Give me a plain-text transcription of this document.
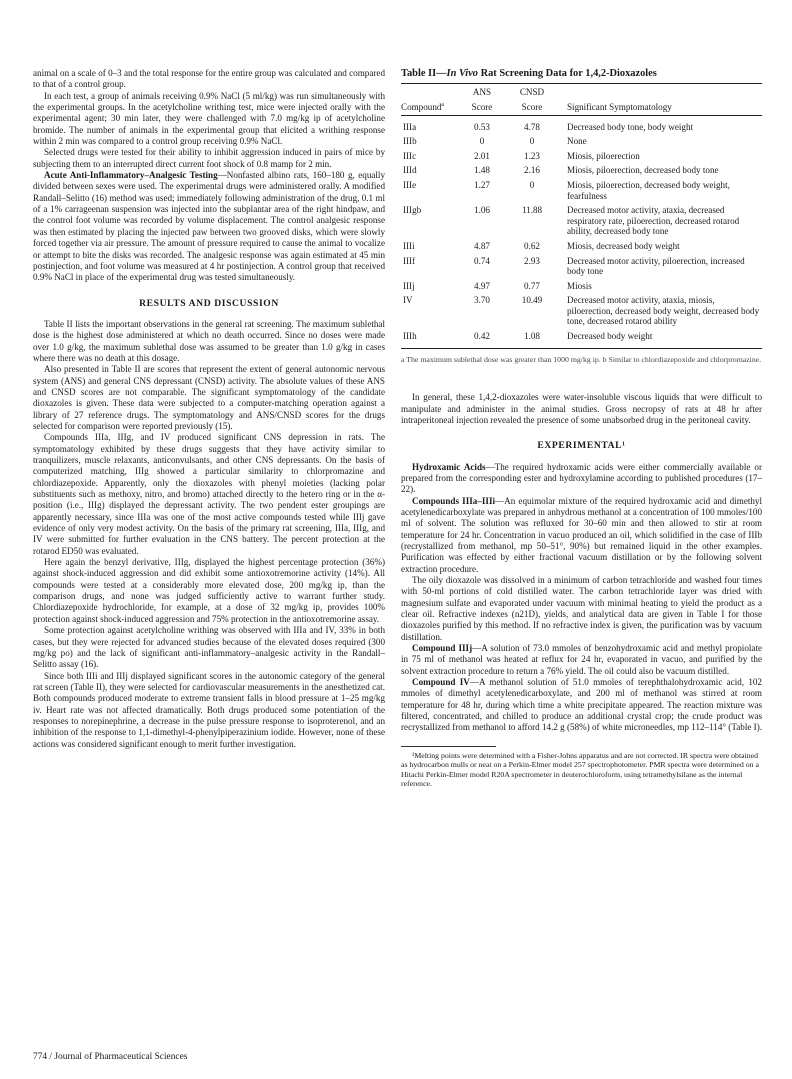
animal on a scale of 0–3 and the total response for the entire group was calculated and compared to that of a control group.

In each test, a group of animals receiving 0.9% NaCl (5 ml/kg) was run simultaneously with the experimental groups. In the acetylcholine writhing test, mice were injected orally with the experimental agent; 30 min later, they were challenged with 7.0 mg/kg ip of acetylcholine bromide. The number of animals in the experimental group that elicited a writhing response within 2 min was compared to a control group receiving 0.9% NaCl.

Selected drugs were tested for their ability to inhibit aggression induced in pairs of mice by subjecting them to an interrupted direct current foot shock of 0.8 mamp for 2 min.

Acute Anti-Inflammatory–Analgesic Testing—Nonfasted albino rats, 160–180 g, equally divided between sexes were used. The experimental drugs were administered orally. A modified Randall–Selitto (16) method was used; immediately following administration of the drug, 0.1 ml of a 1% carrageenan suspension was injected into the subplantar area of the right hindpaw, and the control foot volume was recorded by volume displacement. The control analgesic response was then estimated by placing the injected paw between two grooved disks, which were slowly forced together via air pressure. The amount of pressure required to cause the animal to vocalize or attempt to bite the disks was recorded. The analgesic response was again estimated at 45 min postinjection, and foot volume was measured at 4 hr postinjection. A control group that received 0.9% NaCl in place of the experimental drug was tested simultaneously.

RESULTS AND DISCUSSION

Table II lists the important observations in the general rat screening. The maximum sublethal dose is the highest dose administered at which no death occurred. Since no doses were made over 1.0 g/kg, the maximum sublethal dose was assumed to be greater than 1.0 g/kg in cases where there was no death at this dosage.

Also presented in Table II are scores that represent the extent of general autonomic nervous system (ANS) and general CNS depressant (CNSD) activity. The absolute values of these ANS and CNSD scores are not comparable. The significant symptomatology of the candidate dioxazoles is given. These data were subjected to a computer-matching operation against a library of 27 reference drugs. The symptomatology and ANS/CNSD scores for the drugs selected for comparison were reported previously (15).

Compounds IIIa, IIIg, and IV produced significant CNS depression in rats. The symptomatology exhibited by these drugs suggests that they have activity similar to tranquilizers, muscle relaxants, anticonvulsants, and other CNS depressants. On the basis of computerized matching, IIIg showed a particular similarity to chlorpromazine and chlordiazepoxide. Apparently, only the dioxazoles with phenyl moieties (lacking polar substituents such as methoxy, nitro, and bromo) attached directly to the hetero ring or in the α-position (i.e., IIIg) displayed the depressant activity. The two pendent ester groupings are apparently necessary, since IIIa was one of the most active compounds tested while IIIj gave evidence of only very modest activity. On the basis of the primary rat screening, IIIa, IIIg, and IV were submitted for further evaluation in the CNS battery. The percent protection at the rotarod ED50 was evaluated.

Here again the benzyl derivative, IIIg, displayed the highest percentage protection (36%) against shock-induced aggression and did exhibit some antioxotremorine activity (14%). All compounds were tested at a considerably more elevated dose, 200 mg/kg ip, than the comparison drugs, and none was judged sufficiently active to warrant further study. Chlordiazepoxide hydrochloride, for example, at a dose of 32 mg/kg ip, provides 100% protection against shock-induced aggression and 75% protection in the antioxotremorine assay.

Some protection against acetylcholine writhing was observed with IIIa and IV, 33% in both cases, but they were rejected for advanced studies because of the elevated doses required (300 mg/kg po) and the lack of significant anti-inflammatory–analgesic activity in the Randall–Selitto assay (16).

Since both IIIi and IIIj displayed significant scores in the autonomic category of the general rat screen (Table II), they were selected for cardiovascular measurements in the anesthetized cat. Both compounds produced moderate to extreme transient falls in blood pressure at 1–25 mg/kg iv. Heart rate was not affected dramatically. Both drugs produced some potentiation of the responses to norepinephrine, a decrease in the pulse pressure response to isoproterenol, and an inhibition of the response to 1,1-dimethyl-4-phenylpiperazinium iodide. However, none of these actions was considered significant enough to merit further investigation.

Table II—In Vivo Rat Screening Data for 1,4,2-Dioxazoles
	ANS	CNSD	
Compound$^a$	Score	Score	Significant Symptomatology
IIIa	0.53	4.78	Decreased body tone, body weight
IIIb	0	0	None
IIIc	2.01	1.23	Miosis, piloerection
IIId	1.48	2.16	Miosis, piloerection, decreased body tone
IIIe	1.27	0	Miosis, piloerection, decreased body weight, fearfulness
IIIgb	1.06	11.88	Decreased motor activity, ataxia, decreased respiratory rate, piloerection, decreased rotarod ability, decreased body tone
IIIi	4.87	0.62	Miosis, decreased body weight
IIIf	0.74	2.93	Decreased motor activity, piloerection, increased body tone
IIIj	4.97	0.77	Miosis
IV	3.70	10.49	Decreased motor activity, ataxia, miosis, piloerection, decreased body weight, decreased body tone, decreased rotarod ability
IIIh	0.42	1.08	Decreased body weight
a The maximum sublethal dose was greater than 1000 mg/kg ip. b Similar to chlordiazepoxide and chlorpromazine.

In general, these 1,4,2-dioxazoles were water-insoluble viscous liquids that were difficult to manipulate and administer in the animal studies. Gross necropsy of rats at 48 hr after intraperitoneal injection revealed the presence of some unabsorbed drug in the peritoneal cavity.

EXPERIMENTAL¹

Hydroxamic Acids—The required hydroxamic acids were either commercially available or prepared from the corresponding ester and hydroxylamine according to published procedures (17–22).

Compounds IIIa–IIIi—An equimolar mixture of the required hydroxamic acid and dimethyl acetylenedicarboxylate was prepared in anhydrous methanol at a concentration of 100 mmoles/100 ml of solvent. The solution was refluxed for 30–60 min and then allowed to stir at room temperature for 24 hr. Concentration in vacuo produced an oil, which solidified in the case of IIIb (recrystallized from methanol, mp 50–51°, 90%) but remained liquid in the other examples. Purification was effected by either fractional vacuum distillation or by the following solvent extraction procedure.

The oily dioxazole was dissolved in a minimum of carbon tetrachloride and washed four times with 50-ml portions of cold distilled water. The carbon tetrachloride layer was dried with magnesium sulfate and evaporated under vacuum with minimal heating to yield the product as a clear oil. Refractive indexes (n21D), yields, and analytical data are given in Table I for those dioxazoles purified by this method. If no refractive index is given, the purification was by vacuum distillation.

Compound IIIj—A solution of 73.0 mmoles of benzohydroxamic acid and methyl propiolate in 75 ml of methanol was heated at reflux for 24 hr, evaporated in vacuo, and purified by the solvent extraction procedure to return a 76% yield. The oil could also be vacuum distilled.

Compound IV—A methanol solution of 51.0 mmoles of terephthalohydroxamic acid, 102 mmoles of dimethyl acetylenedicarboxylate, and 200 ml of methanol was stirred at room temperature for 48 hr, during which time a white precipitate appeared. The reaction mixture was filtered, concentrated, and chilled to produce an additional crystal crop; the crude product was recrystallized from methanol to afford 14.2 g (58%) of white microneedles, mp 112–114° (Table I).

¹Melting points were determined with a Fisher-Johns apparatus and are not corrected. IR spectra were obtained as hydrocarbon mulls or neat on a Perkin-Elmer model 257 spectrophotometer. PMR spectra were determined on a Hitachi Perkin-Elmer model R20A spectrometer in deuterochloroform, using tetramethylsilane as the internal reference.
774 / Journal of Pharmaceutical Sciences
